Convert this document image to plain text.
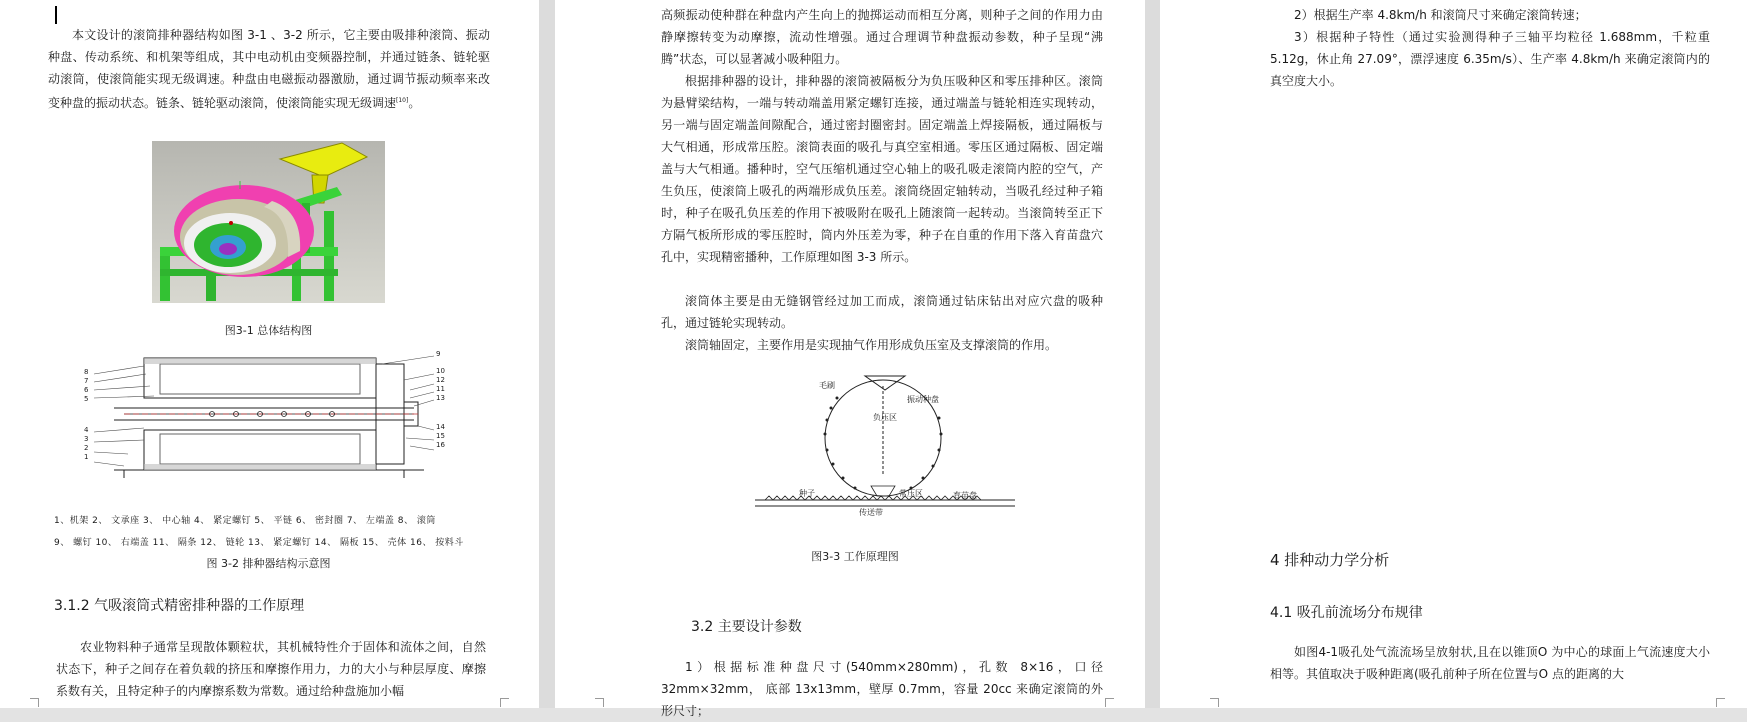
本文设计的滚筒排种器结构如图 3-1 、3-2 所示，它主要由吸排种滚筒、振动种盘、传动系统、和机架等组成，其中电动机由变频器控制，并通过链条、链轮驱动滚筒，使滚筒能实现无级调速。种盘由电磁振动器激励，通过调节振动频率来改变种盘的振动状态。链条、链轮驱动滚筒，使滚筒能实现无级调速[10]。

图3-1 总体结构图
9
10
12
11
13
14
15
16
8
7
6
5
4
3
2
1
1、机架 2、 文承座 3、 中心轴 4、 紧定螺钉 5、 平链 6、 密封圈 7、 左端盖 8、 滚筒
9、 螺钉 10、 右端盖 11、 隔条 12、 链轮 13、 紧定螺钉 14、 隔板 15、 壳体 16、 按料斗
图 3-2 排种器结构示意图
3.1.2 气吸滚筒式精密排种器的工作原理

农业物料种子通常呈现散体颗粒状，其机械特性介于固体和流体之间，自然状态下，种子之间存在着负载的挤压和摩擦作用力，力的大小与种层厚度、摩擦系数有关，且特定种子的内摩擦系数为常数。通过给种盘施加小幅

高频振动使种群在种盘内产生向上的抛掷运动而相互分离，则种子之间的作用力由静摩擦转变为动摩擦，流动性增强。通过合理调节种盘振动参数，种子呈现“沸腾”状态，可以显著减小吸种阻力。

根据排种器的设计，排种器的滚筒被隔板分为负压吸种区和零压排种区。滚筒为悬臂梁结构，一端与转动端盖用紧定螺钉连接，通过端盖与链轮相连实现转动，另一端与固定端盖间隙配合，通过密封圈密封。固定端盖上焊接隔板，通过隔板与大气相通，形成常压腔。滚筒表面的吸孔与真空室相通。零压区通过隔板、固定端盖与大气相通。播种时，空气压缩机通过空心轴上的吸孔吸走滚筒内腔的空气，产生负压，使滚筒上吸孔的两端形成负压差。滚筒绕固定轴转动，当吸孔经过种子箱时，种子在吸孔负压差的作用下被吸附在吸孔上随滚筒一起转动。当滚筒转至正下方隔气板所形成的零压腔时，筒内外压差为零，种子在自重的作用下落入育苗盘穴孔中，实现精密播种，工作原理如图 3-3 所示。

滚筒体主要是由无缝钢管经过加工而成，滚筒通过钻床钻出对应穴盘的吸种孔，通过链轮实现转动。

滚筒轴固定，主要作用是实现抽气作用形成负压室及支撑滚筒的作用。

毛刷
振动种盘
负压区
种子	常压区	育苗盘
传送带
图3-3 工作原理图
3.2 主要设计参数

1）根据标准种盘尺寸(540mm×280mm)，孔数 8×16，口径 32mm×32mm， 底部 13x13mm，壁厚 0.7mm，容量 20cc 来确定滚筒的外形尺寸；

2）根据生产率 4.8km/h 和滚筒尺寸来确定滚筒转速；

3）根据种子特性（通过实验测得种子三轴平均粒径 1.688mm，千粒重 5.12g，休止角 27.09°，漂浮速度 6.35m/s）、生产率 4.8km/h 来确定滚筒内的真空度大小。

4 排种动力学分析
4.1 吸孔前流场分布规律

如图4-1吸孔处气流流场呈放射状,且在以锥顶O 为中心的球面上气流速度大小相等。其值取决于吸种距离(吸孔前种子所在位置与O 点的距离的大
